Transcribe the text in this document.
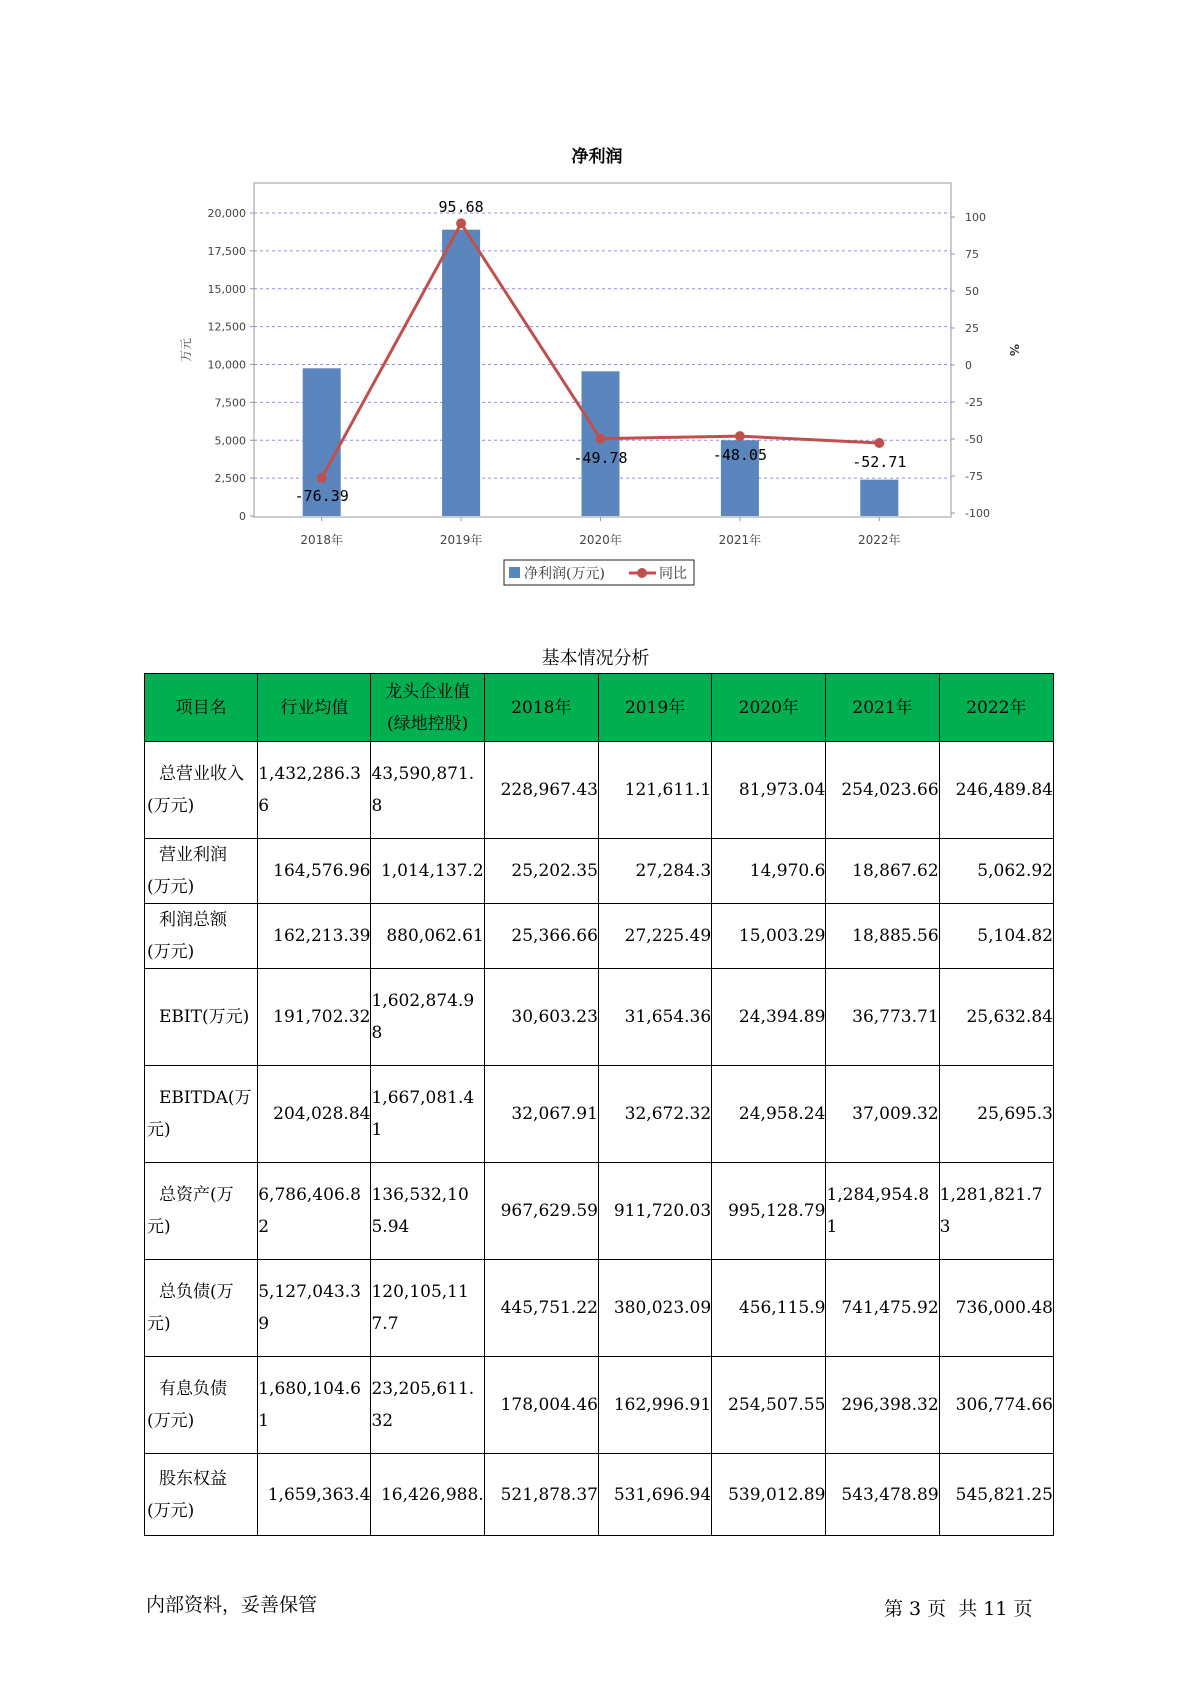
净利润
0
2,500
5,000
7,500
10,000
12,500
15,000
17,500
20,000
-100
-75
-50
-25
0
25
50
75
100
万元	%
2018年	2019年	2020年	2021年	2022年
-76.39
95.68
-49.78	-48.05	-52.71
净利润(万元)	同比
基本情况分析
项目名	行业均值	龙头企业值
(绿地控股)	2018年	2019年	2020年	2021年	2022年
总营业收入
(万元)	1,432,286.36	43,590,871.8	228,967.43	121,611.1	81,973.04	254,023.66	246,489.84
营业利润
(万元)	164,576.96	1,014,137.2	25,202.35	27,284.3	14,970.6	18,867.62	5,062.92
利润总额
(万元)	162,213.39	880,062.61	25,366.66	27,225.49	15,003.29	18,885.56	5,104.82
EBIT(万元)	191,702.32	1,602,874.98	30,603.23	31,654.36	24,394.89	36,773.71	25,632.84
EBITDA(万
元)	204,028.84	1,667,081.41	32,067.91	32,672.32	24,958.24	37,009.32	25,695.3
总资产(万
元)	6,786,406.82	136,532,105.94	967,629.59	911,720.03	995,128.79	1,284,954.81	1,281,821.73
总负债(万
元)	5,127,043.39	120,105,117.7	445,751.22	380,023.09	456,115.9	741,475.92	736,000.48
有息负债
(万元)	1,680,104.61	23,205,611.32	178,004.46	162,996.91	254,507.55	296,398.32	306,774.66
股东权益
(万元)	1,659,363.4	16,426,988.	521,878.37	531,696.94	539,012.89	543,478.89	545,821.25
内部资料，妥善保管	第 3 页  共 11 页
